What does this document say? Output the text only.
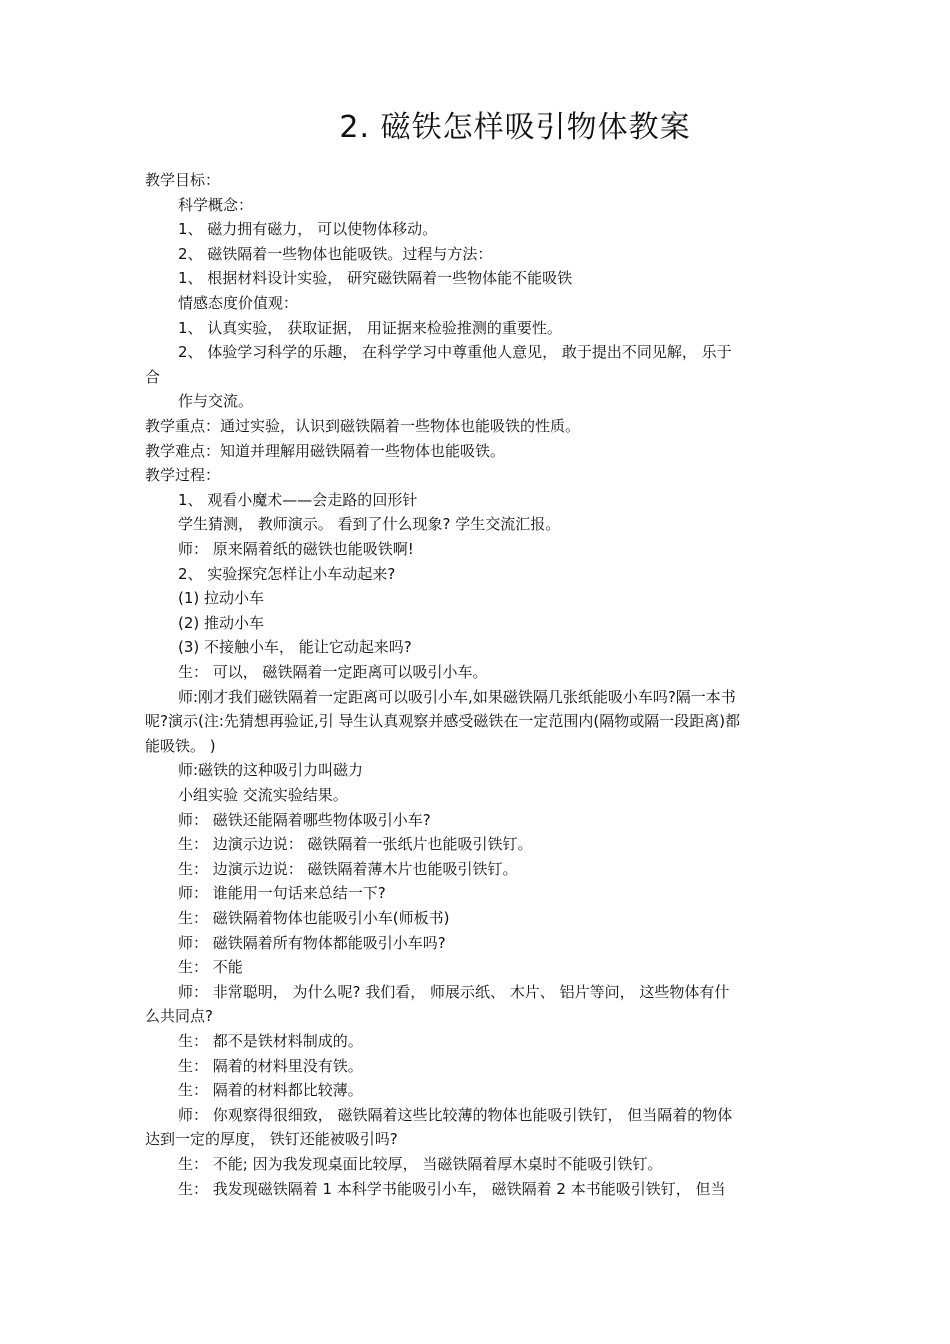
2. 磁铁怎样吸引物体教案
教学目标：
科学概念：
1、 磁力拥有磁力， 可以使物体移动。
2、 磁铁隔着一些物体也能吸铁。过程与方法：
1、 根据材料设计实验， 研究磁铁隔着一些物体能不能吸铁
情感态度价值观：
1、 认真实验， 获取证据， 用证据来检验推测的重要性。
2、 体验学习科学的乐趣， 在科学学习中尊重他人意见， 敢于提出不同见解， 乐于
合
作与交流。
教学重点：通过实验，认识到磁铁隔着一些物体也能吸铁的性质。
教学难点：知道并理解用磁铁隔着一些物体也能吸铁。
教学过程：
1、 观看小魔术——会走路的回形针
学生猜测， 教师演示。 看到了什么现象? 学生交流汇报。
师： 原来隔着纸的磁铁也能吸铁啊!
2、 实验探究怎样让小车动起来?
(1) 拉动小车
(2) 推动小车
(3) 不接触小车， 能让它动起来吗?
生： 可以， 磁铁隔着一定距离可以吸引小车。
师:刚才我们磁铁隔着一定距离可以吸引小车,如果磁铁隔几张纸能吸小车吗?隔一本书
呢?演示(注:先猜想再验证,引 导生认真观察并感受磁铁在一定范围内(隔物或隔一段距离)都
能吸铁。 )
师:磁铁的这种吸引力叫磁力
小组实验 交流实验结果。
师： 磁铁还能隔着哪些物体吸引小车?
生： 边演示边说： 磁铁隔着一张纸片也能吸引铁钉。
生： 边演示边说： 磁铁隔着薄木片也能吸引铁钉。
师： 谁能用一句话来总结一下?
生： 磁铁隔着物体也能吸引小车(师板书)
师： 磁铁隔着所有物体都能吸引小车吗?
生： 不能
师： 非常聪明， 为什么呢? 我们看， 师展示纸、 木片、 铝片等问， 这些物体有什
么共同点?
生： 都不是铁材料制成的。
生： 隔着的材料里没有铁。
生： 隔着的材料都比较薄。
师： 你观察得很细致， 磁铁隔着这些比较薄的物体也能吸引铁钉， 但当隔着的物体
达到一定的厚度， 铁钉还能被吸引吗?
生： 不能; 因为我发现桌面比较厚， 当磁铁隔着厚木桌时不能吸引铁钉。
生： 我发现磁铁隔着 1 本科学书能吸引小车， 磁铁隔着 2 本书能吸引铁钉， 但当
